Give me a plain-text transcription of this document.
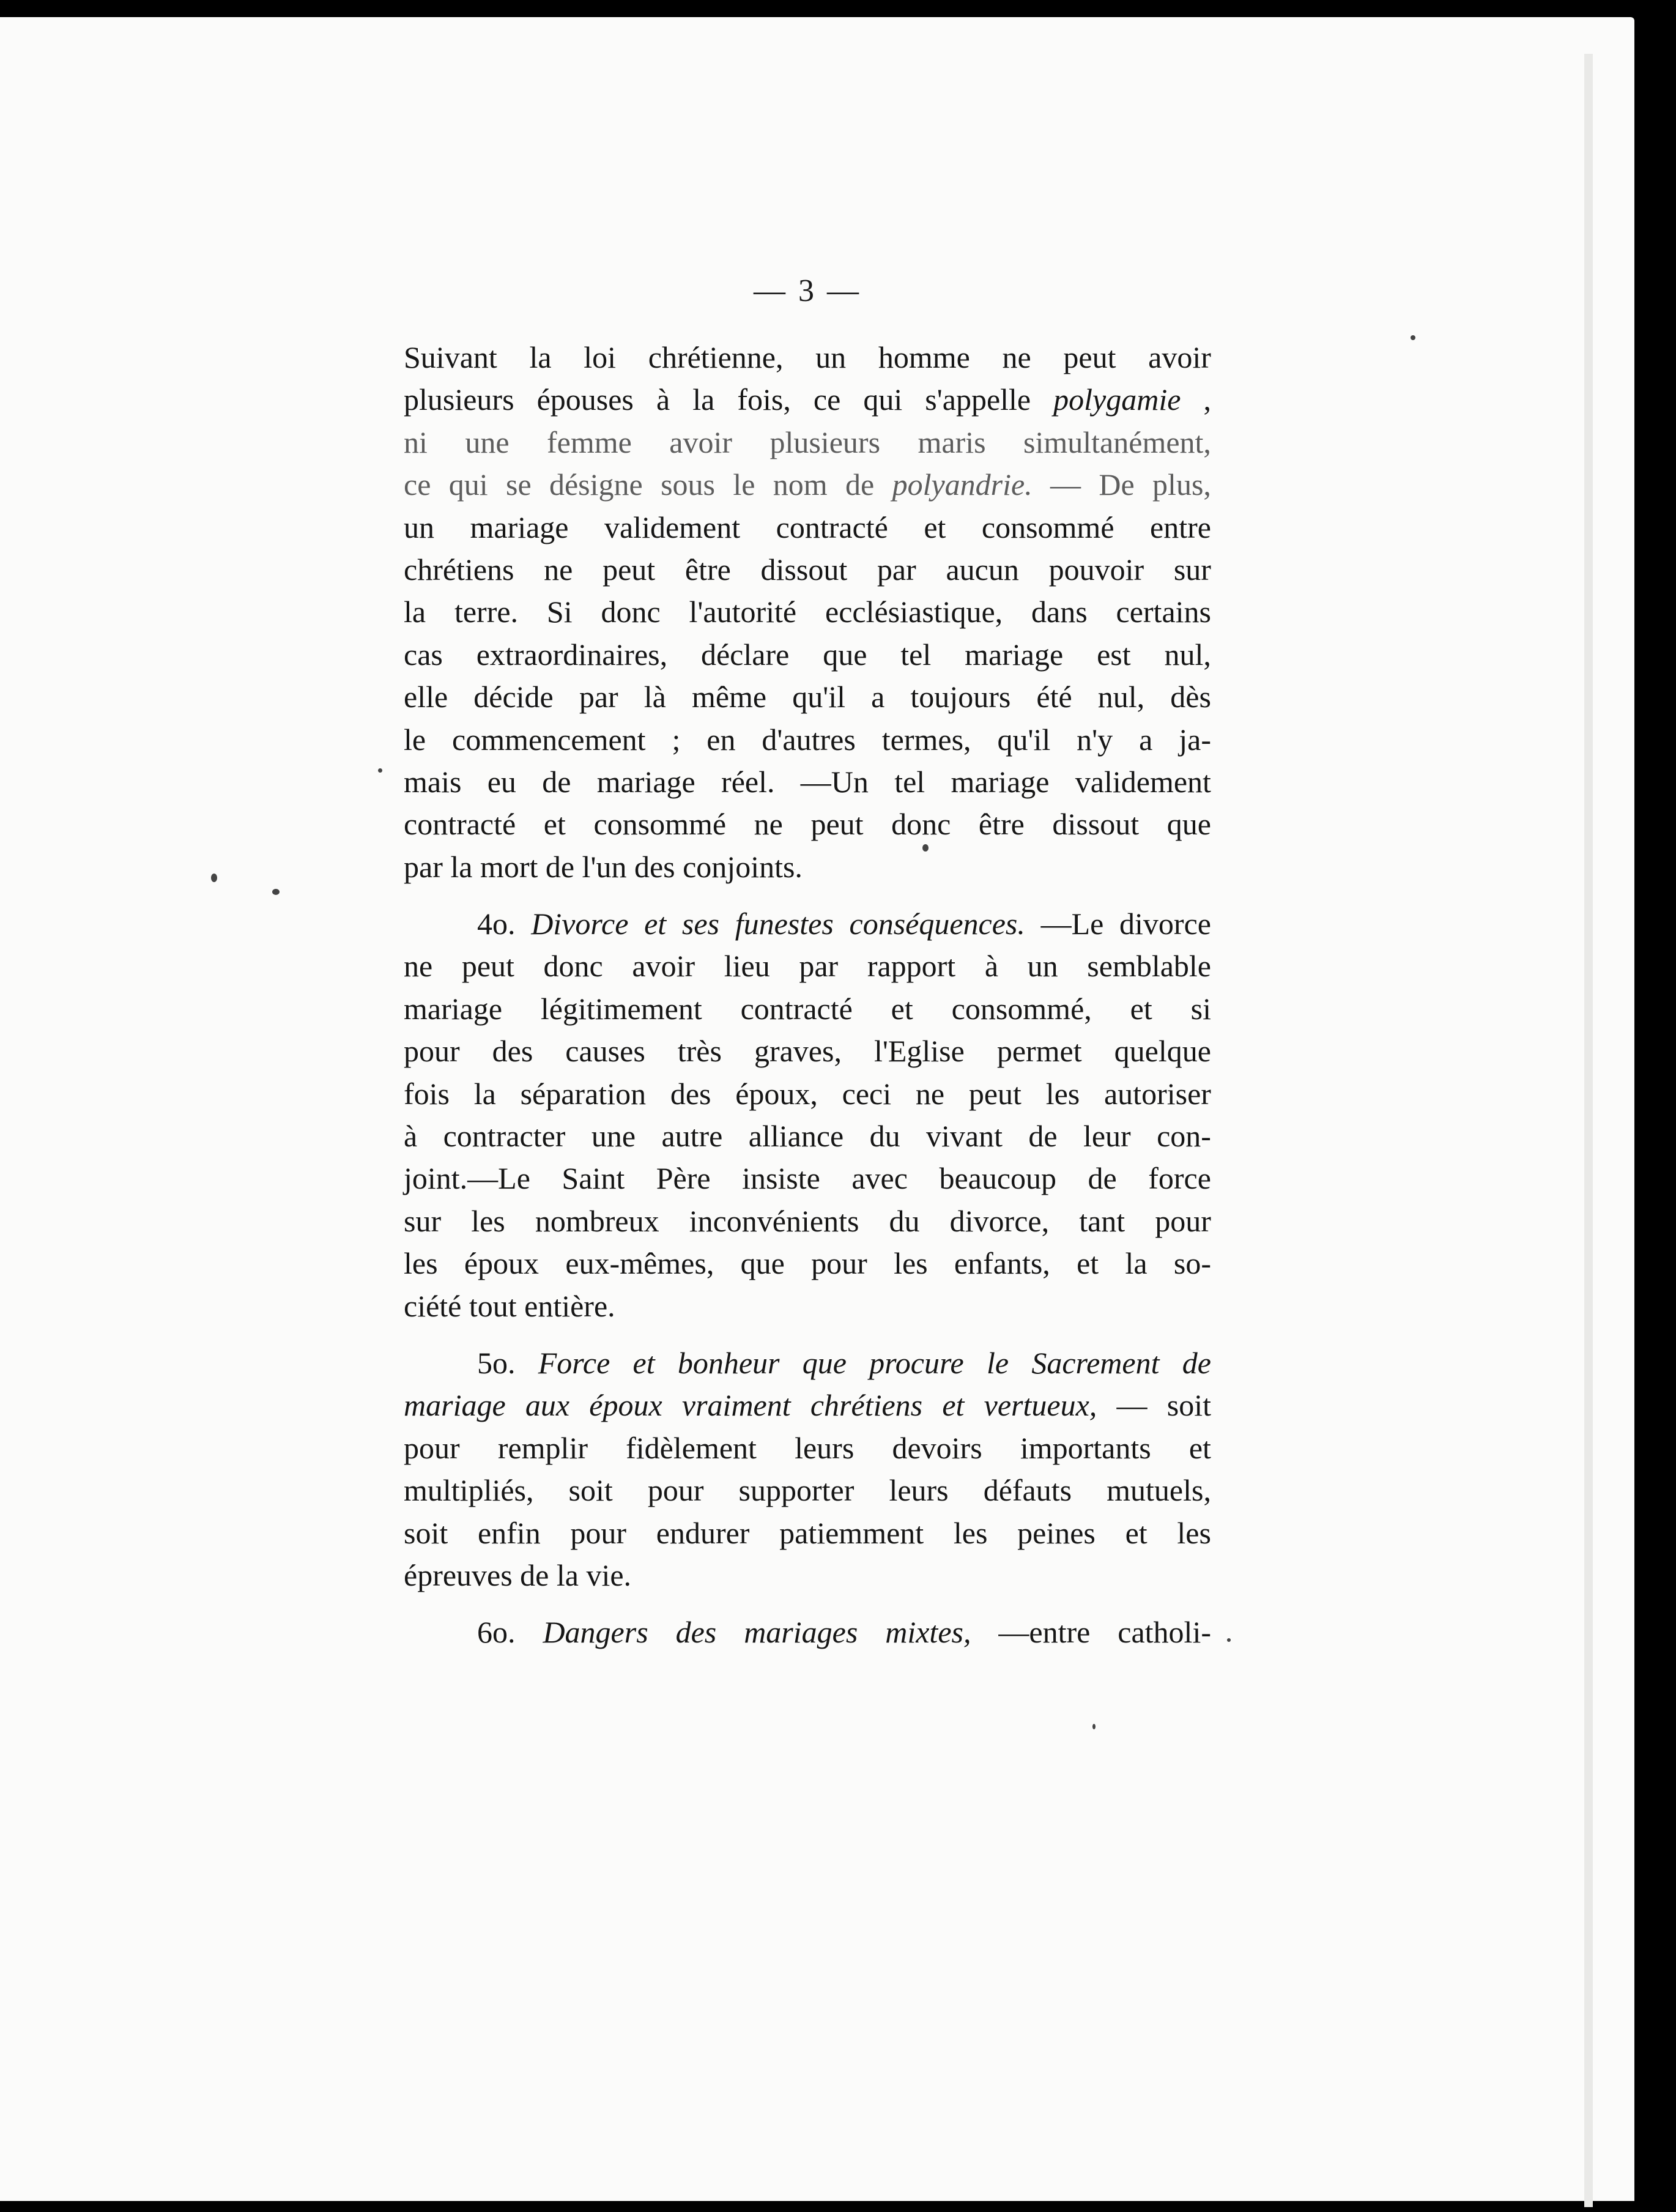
— 3 —
Suivant la loi chrétienne, un homme ne peut avoir
plusieurs épouses à la fois, ce qui s'appelle polygamie ,
ni une femme avoir plusieurs maris simultanément,
ce qui se désigne sous le nom de polyandrie. — De plus,
un mariage validement contracté et consommé entre
chrétiens ne peut être dissout par aucun pouvoir sur
la terre. Si donc l'autorité ecclésiastique, dans certains
cas extraordinaires, déclare que tel mariage est nul,
elle décide par là même qu'il a toujours été nul, dès
le commencement ; en d'autres termes, qu'il n'y a ja-
mais eu de mariage réel. —Un tel mariage validement
contracté et consommé ne peut donc être dissout que
par la mort de l'un des conjoints.
4o. Divorce et ses funestes conséquences. —Le divorce
ne peut donc avoir lieu par rapport à un semblable
mariage légitimement contracté et consommé, et si
pour des causes très graves, l'Eglise permet quelque
fois la séparation des époux, ceci ne peut les autoriser
à contracter une autre alliance du vivant de leur con-
joint.—Le Saint Père insiste avec beaucoup de force
sur les nombreux inconvénients du divorce, tant pour
les époux eux-mêmes, que pour les enfants, et la so-
ciété tout entière.
5o. Force et bonheur que procure le Sacrement de
mariage aux époux vraiment chrétiens et vertueux, — soit
pour remplir fidèlement leurs devoirs importants et
multipliés, soit pour supporter leurs défauts mutuels,
soit enfin pour endurer patiemment les peines et les
épreuves de la vie.
6o. Dangers des mariages mixtes, —entre catholi-
